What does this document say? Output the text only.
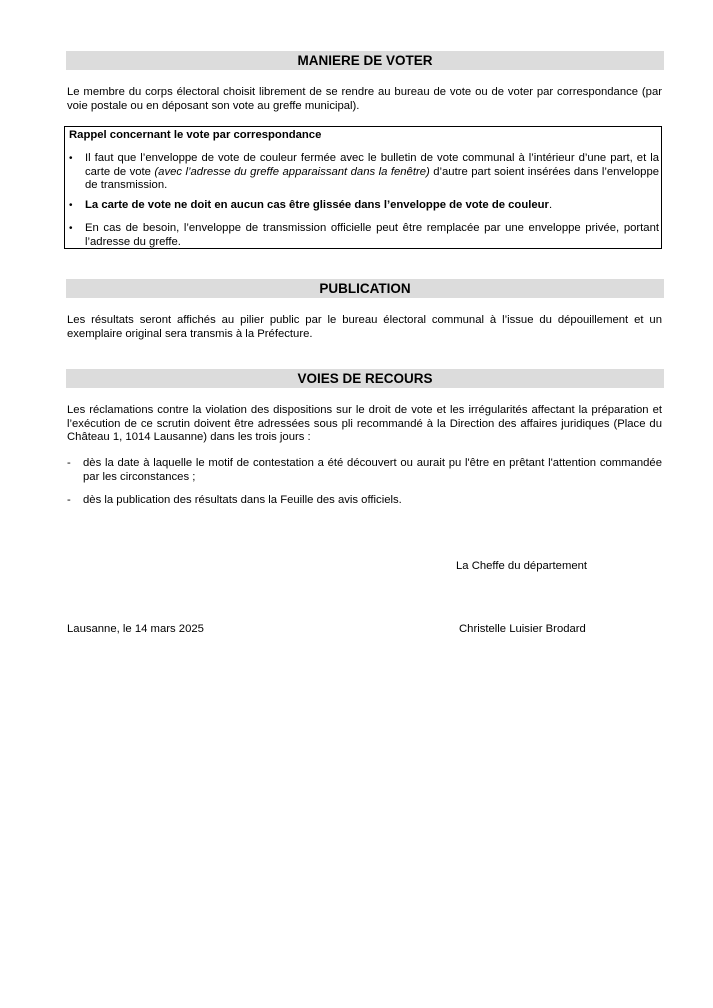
MANIERE DE VOTER
Le membre du corps électoral choisit librement de se rendre au bureau de vote ou de voter par correspondance (par voie postale ou en déposant son vote au greffe municipal).
Rappel concernant le vote par correspondance
•	Il faut que l’enveloppe de vote de couleur fermée avec le bulletin de vote communal à l’intérieur d’une part, et la carte de vote (avec l’adresse du greffe apparaissant dans la fenêtre) d’autre part soient insérées dans l’enveloppe de transmission.
•	La carte de vote ne doit en aucun cas être glissée dans l’enveloppe de vote de couleur.
•	En cas de besoin, l’enveloppe de transmission officielle peut être remplacée par une enveloppe privée, portant l’adresse du greffe.
PUBLICATION
Les résultats seront affichés au pilier public par le bureau électoral communal à l’issue du dépouillement et un exemplaire original sera transmis à la Préfecture.
VOIES DE RECOURS
Les réclamations contre la violation des dispositions sur le droit de vote et les irrégularités affectant la préparation et l’exécution de ce scrutin doivent être adressées sous pli recommandé à la Direction des affaires juridiques (Place du Château 1, 1014 Lausanne) dans les trois jours :
- dès la date à laquelle le motif de contestation a été découvert ou aurait pu l'être en prêtant l'attention commandée par les circonstances ;
- dès la publication des résultats dans la Feuille des avis officiels.
La Cheffe du département
Lausanne, le 14 mars 2025	Christelle Luisier Brodard
